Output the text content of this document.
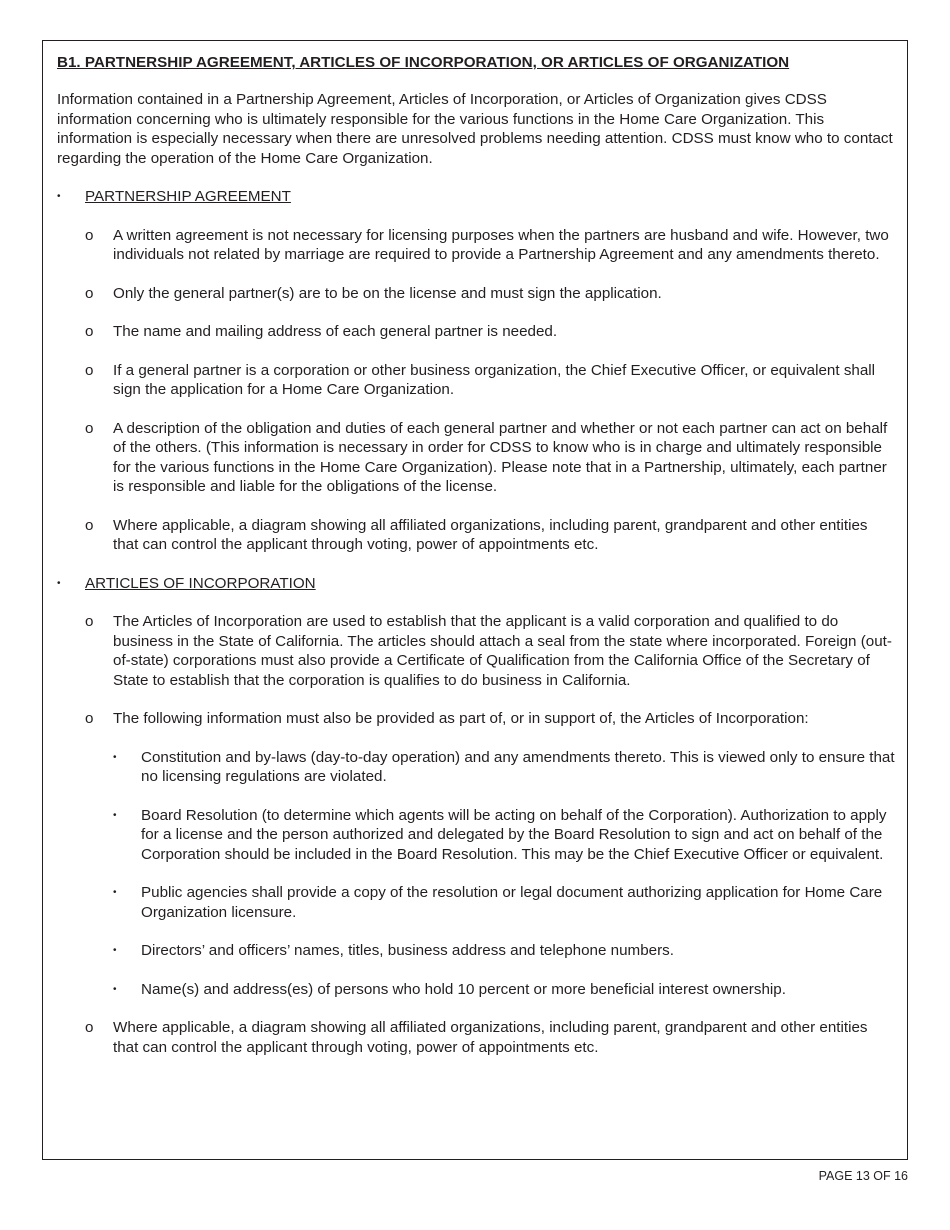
B1. PARTNERSHIP AGREEMENT, ARTICLES OF INCORPORATION, OR ARTICLES OF ORGANIZATION

Information contained in a Partnership Agreement, Articles of Incorporation, or Articles of Organization gives CDSS information concerning who is ultimately responsible for the various functions in the Home Care Organization. This information is especially necessary when there are unresolved problems needing attention. CDSS must know who to contact regarding the operation of the Home Care Organization.

• PARTNERSHIP AGREEMENT
o A written agreement is not necessary for licensing purposes when the partners are husband and wife. However, two individuals not related by marriage are required to provide a Partnership Agreement and any amendments thereto.

o Only the general partner(s) are to be on the license and must sign the application.

o The name and mailing address of each general partner is needed.

o If a general partner is a corporation or other business organization, the Chief Executive Officer, or equivalent shall sign the application for a Home Care Organization.

o A description of the obligation and duties of each general partner and whether or not each partner can act on behalf of the others. (This information is necessary in order for CDSS to know who is in charge and ultimately responsible for the various functions in the Home Care Organization). Please note that in a Partnership, ultimately, each partner is responsible and liable for the obligations of the license.

o Where applicable, a diagram showing all affiliated organizations, including parent, grandparent and other entities that can control the applicant through voting, power of appointments etc.

• ARTICLES OF INCORPORATION
o The Articles of Incorporation are used to establish that the applicant is a valid corporation and qualified to do business in the State of California. The articles should attach a seal from the state where incorporated. Foreign (out-of-state) corporations must also provide a Certificate of Qualification from the California Office of the Secretary of State to establish that the corporation is qualifies to do business in California.

o The following information must also be provided as part of, or in support of, the Articles of Incorporation:

• Constitution and by-laws (day-to-day operation) and any amendments thereto. This is viewed only to ensure that no licensing regulations are violated.

• Board Resolution (to determine which agents will be acting on behalf of the Corporation). Authorization to apply for a license and the person authorized and delegated by the Board Resolution to sign and act on behalf of the Corporation should be included in the Board Resolution. This may be the Chief Executive Officer or equivalent.

• Public agencies shall provide a copy of the resolution or legal document authorizing application for Home Care Organization licensure.

• Directors’ and officers’ names, titles, business address and telephone numbers.

• Name(s) and address(es) of persons who hold 10 percent or more beneficial interest ownership.

o Where applicable, a diagram showing all affiliated organizations, including parent, grandparent and other entities that can control the applicant through voting, power of appointments etc.

PAGE 13 OF 16
